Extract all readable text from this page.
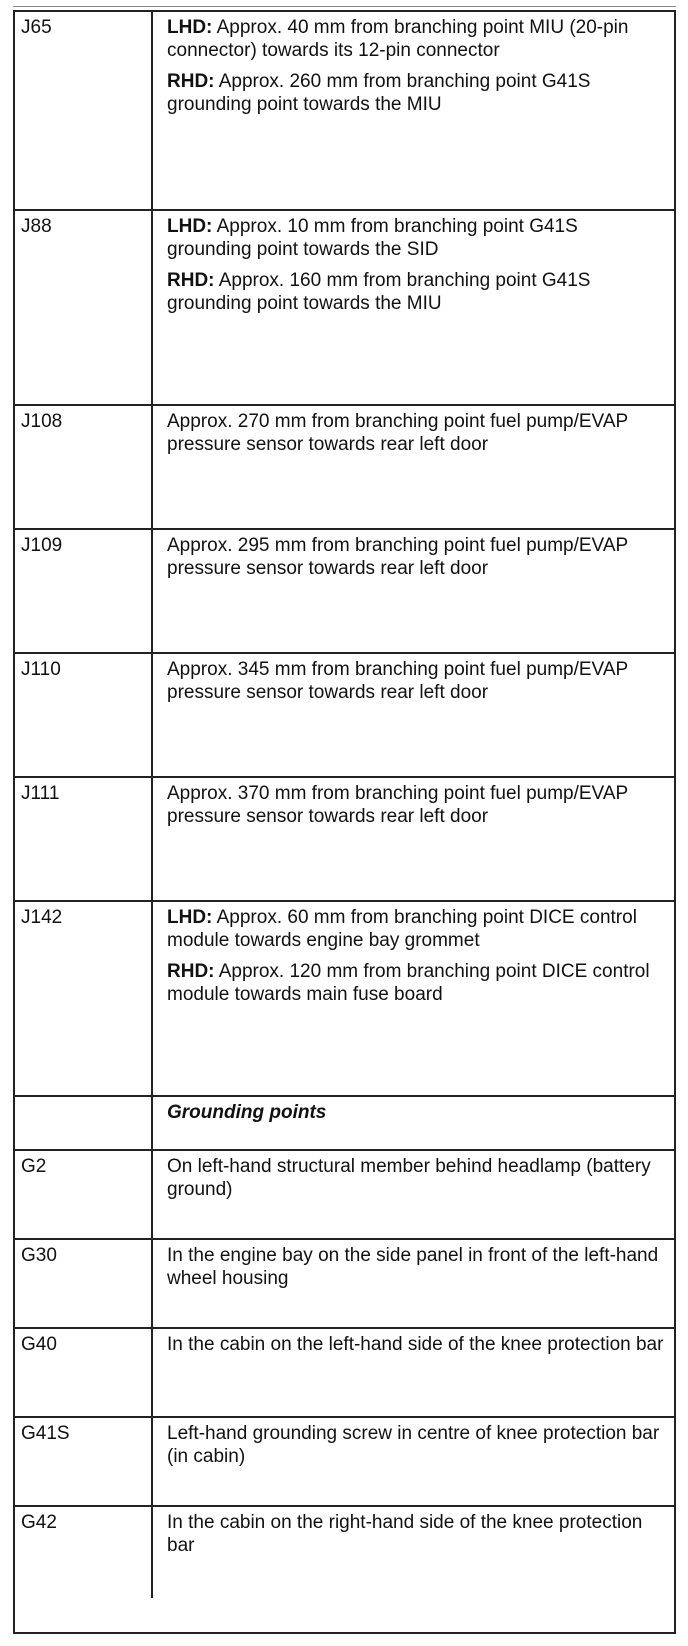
J65	LHD: Approx. 40 mm from branching point MIU (20-pin connector) towards its 12-pin connector

RHD: Approx. 260 mm from branching point G41S grounding point towards the MIU

J88	LHD: Approx. 10 mm from branching point G41S grounding point towards the SID

RHD: Approx. 160 mm from branching point G41S grounding point towards the MIU

J108	Approx. 270 mm from branching point fuel pump/EVAP pressure sensor towards rear left door

J109	Approx. 295 mm from branching point fuel pump/EVAP pressure sensor towards rear left door

J110	Approx. 345 mm from branching point fuel pump/EVAP pressure sensor towards rear left door

J111	Approx. 370 mm from branching point fuel pump/EVAP pressure sensor towards rear left door

J142	LHD: Approx. 60 mm from branching point DICE control module towards engine bay grommet

RHD: Approx. 120 mm from branching point DICE control module towards main fuse board

Grounding points
G2	On left-hand structural member behind headlamp (battery ground)

G30	In the engine bay on the side panel in front of the left-hand wheel housing

G40	In the cabin on the left-hand side of the knee protection bar

G41S	Left-hand grounding screw in centre of knee protection bar (in cabin)

G42	In the cabin on the right-hand side of the knee protection bar
